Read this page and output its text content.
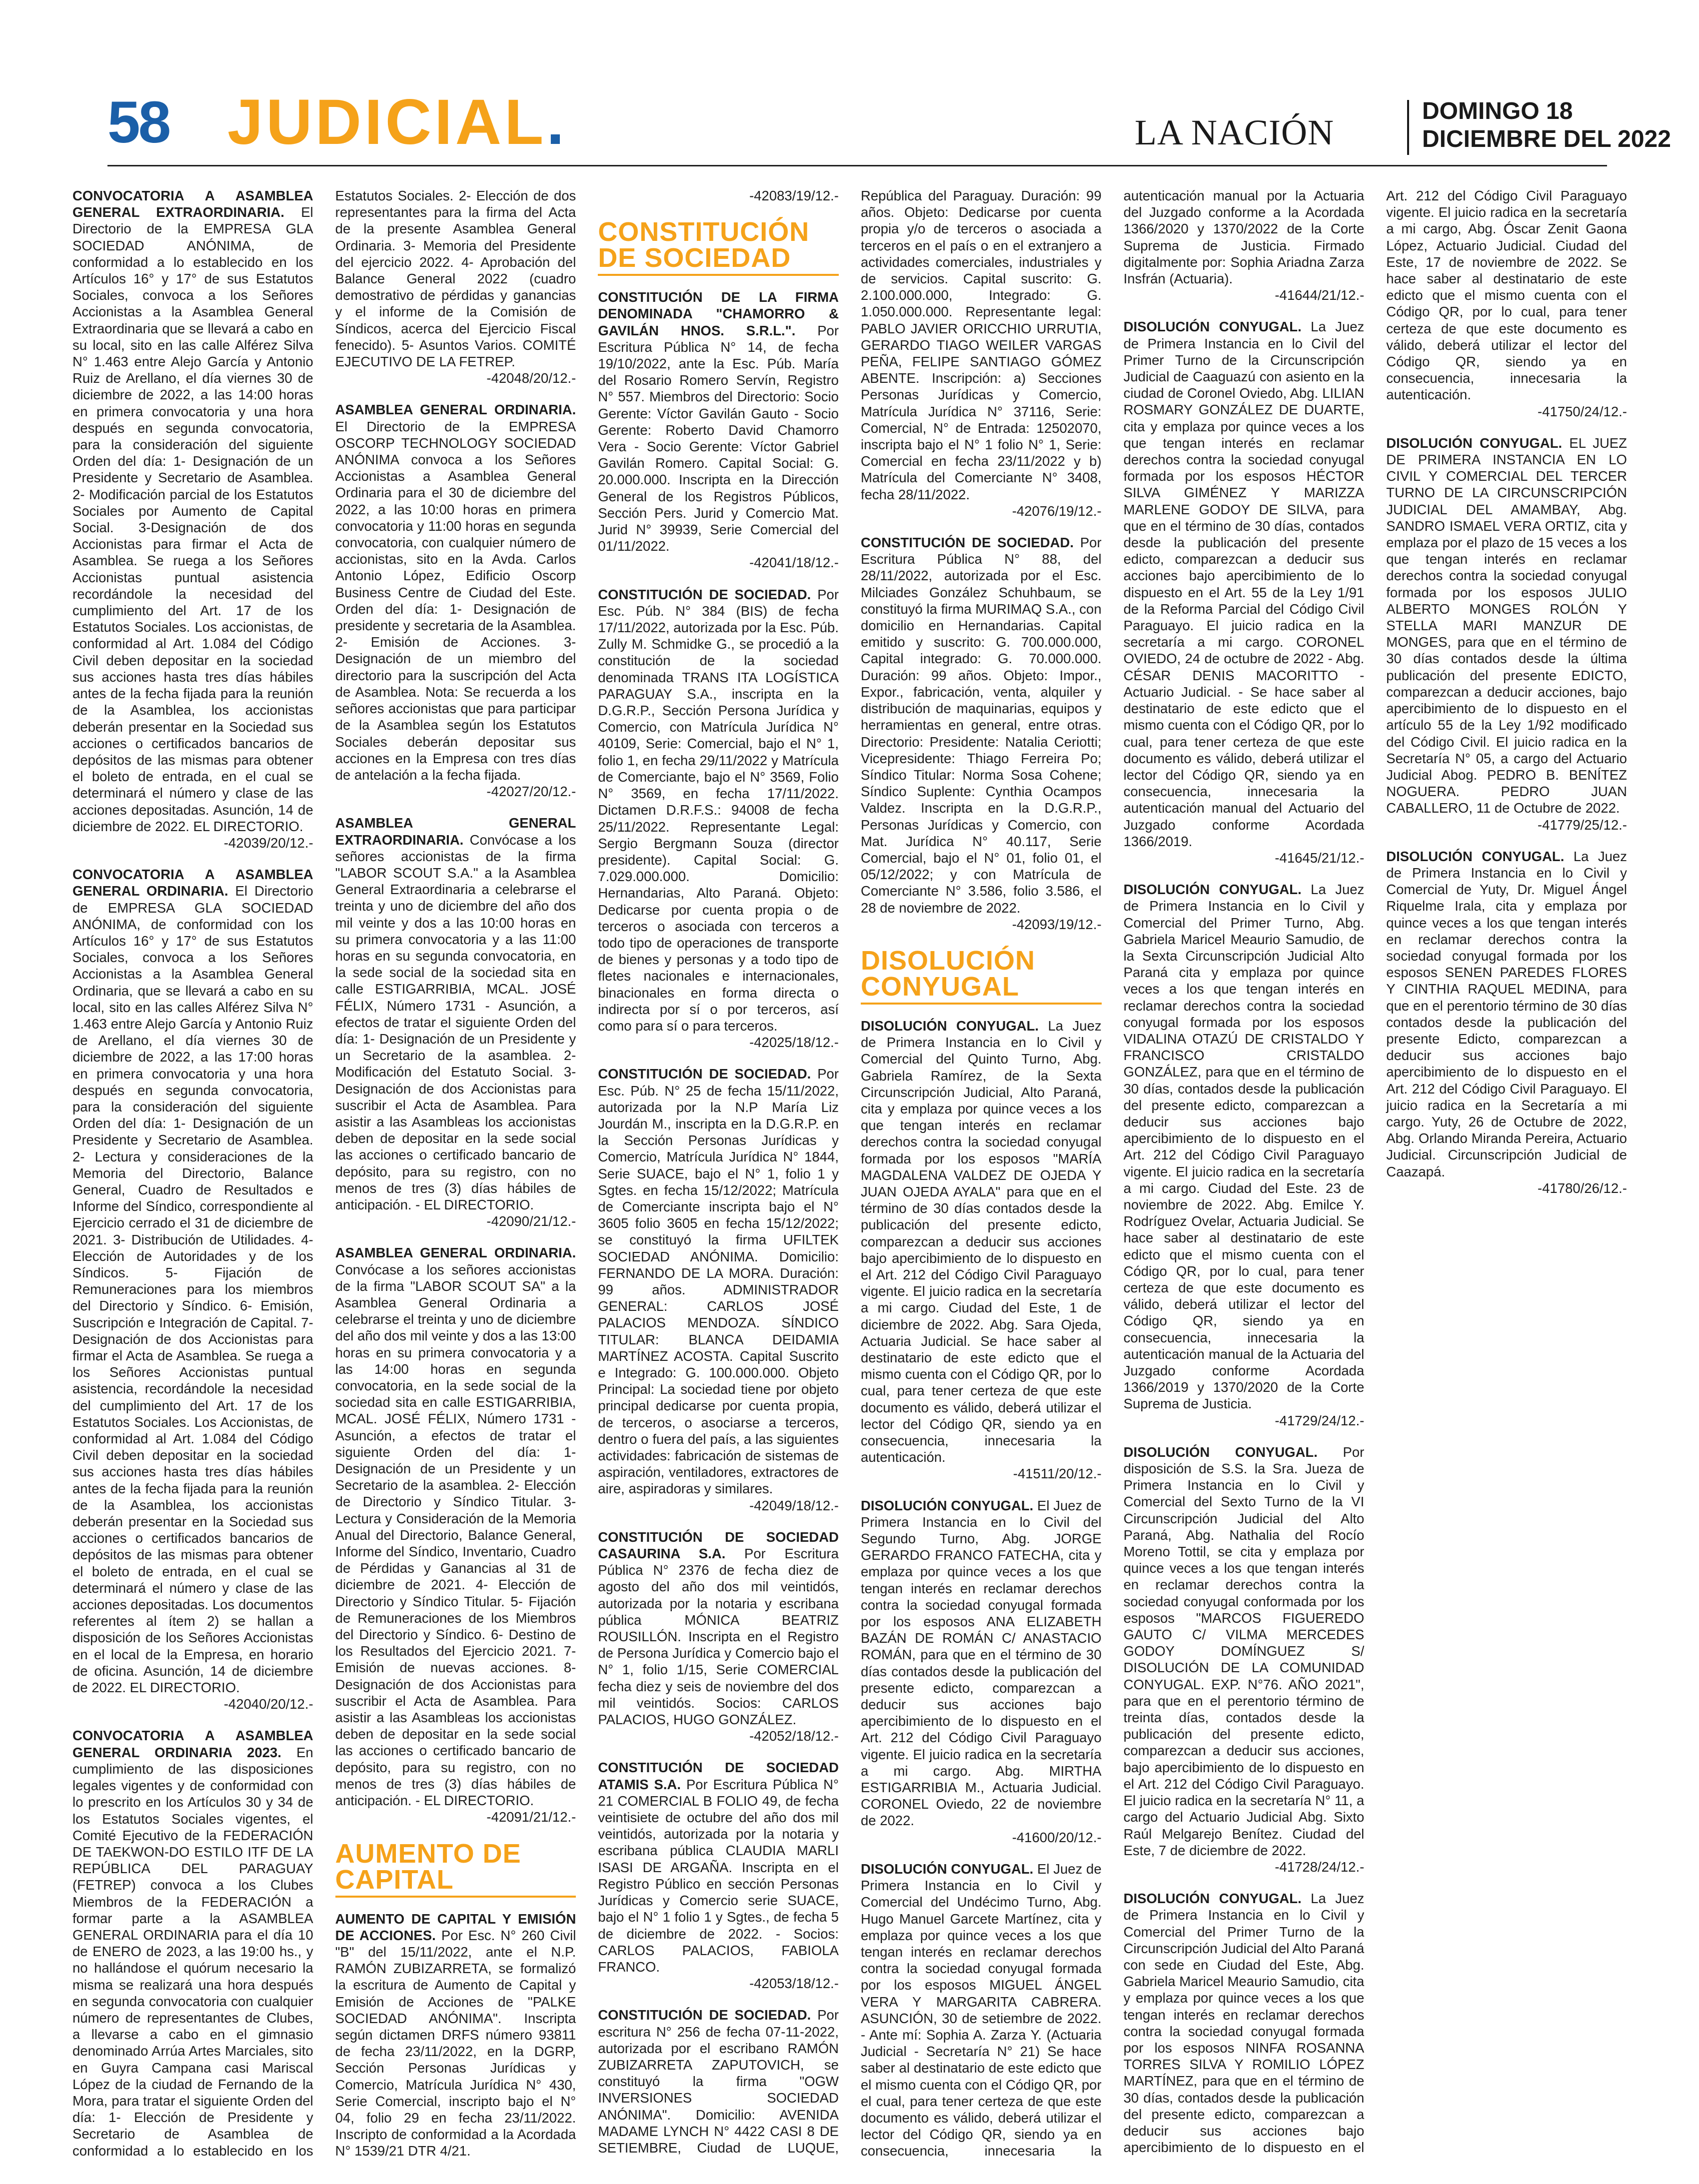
58 JUDICIAL.	LA NACIÓN
DOMINGO 18
DICIEMBRE DEL 2022
CONVOCATORIA A ASAMBLEA GENERAL EXTRAORDINARIA. El Directorio de la EMPRESA GLA SOCIEDAD ANÓNIMA, de conformidad a lo establecido en los Artículos 16° y 17° de sus Estatutos Sociales, convoca a los Señores Accionistas a la Asamblea General Extraordinaria que se llevará a cabo en su local, sito en las calle Alférez Silva N° 1.463 entre Alejo García y Antonio Ruiz de Arellano, el día viernes 30 de diciembre de 2022, a las 14:00 horas en primera convocatoria y una hora después en segunda convocatoria, para la consideración del siguiente Orden del día: 1- Designación de un Presidente y Secretario de Asamblea. 2- Modificación parcial de los Estatutos Sociales por Aumento de Capital Social. 3-Designación de dos Accionistas para firmar el Acta de Asamblea. Se ruega a los Señores Accionistas puntual asistencia recordándole la necesidad del cumplimiento del Art. 17 de los Estatutos Sociales. Los accionistas, de conformidad al Art. 1.084 del Código Civil deben depositar en la sociedad sus acciones hasta tres días hábiles antes de la fecha fijada para la reunión de la Asamblea, los accionistas deberán presentar en la Sociedad sus acciones o certificados bancarios de depósitos de las mismas para obtener el boleto de entrada, en el cual se determinará el número y clase de las acciones depositadas. Asunción, 14 de diciembre de 2022. EL DIRECTORIO.
-42039/20/12.-
CONVOCATORIA A ASAMBLEA GENERAL ORDINARIA. El Directorio de EMPRESA GLA SOCIEDAD ANÓNIMA, de conformidad con los Artículos 16° y 17° de sus Estatutos Sociales, convoca a los Señores Accionistas a la Asamblea General Ordinaria, que se llevará a cabo en su local, sito en las calles Alférez Silva N° 1.463 entre Alejo García y Antonio Ruiz de Arellano, el día viernes 30 de diciembre de 2022, a las 17:00 horas en primera convocatoria y una hora después en segunda convocatoria, para la consideración del siguiente Orden del día: 1- Designación de un Presidente y Secretario de Asamblea. 2- Lectura y consideraciones de la Memoria del Directorio, Balance General, Cuadro de Resultados e Informe del Síndico, correspondiente al Ejercicio cerrado el 31 de diciembre de 2021. 3- Distribución de Utilidades. 4- Elección de Autoridades y de los Síndicos. 5- Fijación de Remuneraciones para los miembros del Directorio y Síndico. 6- Emisión, Suscripción e Integración de Capital. 7- Designación de dos Accionistas para firmar el Acta de Asamblea. Se ruega a los Señores Accionistas puntual asistencia, recordándole la necesidad del cumplimiento del Art. 17 de los Estatutos Sociales. Los Accionistas, de conformidad al Art. 1.084 del Código Civil deben depositar en la sociedad sus acciones hasta tres días hábiles antes de la fecha fijada para la reunión de la Asamblea, los accionistas deberán presentar en la Sociedad sus acciones o certificados bancarios de depósitos de las mismas para obtener el boleto de entrada, en el cual se determinará el número y clase de las acciones depositadas. Los documentos referentes al ítem 2) se hallan a disposición de los Señores Accionistas en el local de la Empresa, en horario de oficina. Asunción, 14 de diciembre de 2022. EL DIRECTORIO.
-42040/20/12.-
CONVOCATORIA A ASAMBLEA GENERAL ORDINARIA 2023. En cumplimiento de las disposiciones legales vigentes y de conformidad con lo prescrito en los Artículos 30 y 34 de los Estatutos Sociales vigentes, el Comité Ejecutivo de la FEDERACIÓN DE TAEKWON-DO ESTILO ITF DE LA REPÚBLICA DEL PARAGUAY (FETREP) convoca a los Clubes Miembros de la FEDERACIÓN a formar parte a la ASAMBLEA GENERAL ORDINARIA para el día 10 de ENERO de 2023, a las 19:00 hs., y no hallándose el quórum necesario la misma se realizará una hora después en segunda convocatoria con cualquier número de representantes de Clubes, a llevarse a cabo en el gimnasio denominado Arrúa Artes Marciales, sito en Guyra Campana casi Mariscal López de la ciudad de Fernando de la Mora, para tratar el siguiente Orden del día: 1- Elección de Presidente y Secretario de Asamblea de conformidad a lo establecido en los Estatutos Sociales. 2- Elección de dos representantes para la firma del Acta de la presente Asamblea General Ordinaria. 3- Memoria del Presidente del ejercicio 2022. 4- Aprobación del Balance General 2022 (cuadro demostrativo de pérdidas y ganancias y el informe de la Comisión de Síndicos, acerca del Ejercicio Fiscal fenecido). 5- Asuntos Varios. COMITÉ EJECUTIVO DE LA FETREP.
-42048/20/12.-
ASAMBLEA GENERAL ORDINARIA. El Directorio de la EMPRESA OSCORP TECHNOLOGY SOCIEDAD ANÓNIMA convoca a los Señores Accionistas a Asamblea General Ordinaria para el 30 de diciembre del 2022, a las 10:00 horas en primera convocatoria y 11:00 horas en segunda convocatoria, con cualquier número de accionistas, sito en la Avda. Carlos Antonio López, Edificio Oscorp Business Centre de Ciudad del Este. Orden del día: 1- Designación de presidente y secretaria de la Asamblea. 2- Emisión de Acciones. 3- Designación de un miembro del directorio para la suscripción del Acta de Asamblea. Nota: Se recuerda a los señores accionistas que para participar de la Asamblea según los Estatutos Sociales deberán depositar sus acciones en la Empresa con tres días de antelación a la fecha fijada.
-42027/20/12.-
ASAMBLEA GENERAL EXTRAORDINARIA. Convócase a los señores accionistas de la firma "LABOR SCOUT S.A." a la Asamblea General Extraordinaria a celebrarse el treinta y uno de diciembre del año dos mil veinte y dos a las 10:00 horas en su primera convocatoria y a las 11:00 horas en su segunda convocatoria, en la sede social de la sociedad sita en calle ESTIGARRIBIA, MCAL. JOSÉ FÉLIX, Número 1731 - Asunción, a efectos de tratar el siguiente Orden del día: 1- Designación de un Presidente y un Secretario de la asamblea. 2- Modificación del Estatuto Social. 3- Designación de dos Accionistas para suscribir el Acta de Asamblea. Para asistir a las Asambleas los accionistas deben de depositar en la sede social las acciones o certificado bancario de depósito, para su registro, con no menos de tres (3) días hábiles de anticipación. - EL DIRECTORIO.
-42090/21/12.-
ASAMBLEA GENERAL ORDINARIA. Convócase a los señores accionistas de la firma "LABOR SCOUT SA" a la Asamblea General Ordinaria a celebrarse el treinta y uno de diciembre del año dos mil veinte y dos a las 13:00 horas en su primera convocatoria y a las 14:00 horas en segunda convocatoria, en la sede social de la sociedad sita en calle ESTIGARRIBIA, MCAL. JOSÉ FÉLIX, Número 1731 - Asunción, a efectos de tratar el siguiente Orden del día: 1- Designación de un Presidente y un Secretario de la asamblea. 2- Elección de Directorio y Síndico Titular. 3- Lectura y Consideración de la Memoria Anual del Directorio, Balance General, Informe del Síndico, Inventario, Cuadro de Pérdidas y Ganancias al 31 de diciembre de 2021. 4- Elección de Directorio y Síndico Titular. 5- Fijación de Remuneraciones de los Miembros del Directorio y Síndico. 6- Destino de los Resultados del Ejercicio 2021. 7- Emisión de nuevas acciones. 8- Designación de dos Accionistas para suscribir el Acta de Asamblea. Para asistir a las Asambleas los accionistas deben de depositar en la sede social las acciones o certificado bancario de depósito, para su registro, con no menos de tres (3) días hábiles de anticipación. - EL DIRECTORIO.
-42091/21/12.-
AUMENTO DE
CAPITAL
AUMENTO DE CAPITAL Y EMISIÓN DE ACCIONES. Por Esc. N° 260 Civil "B" del 15/11/2022, ante el N.P. RAMÓN ZUBIZARRETA, se formalizó la escritura de Aumento de Capital y Emisión de Acciones de "PALKE SOCIEDAD ANÓNIMA". Inscripta según dictamen DRFS número 93811 de fecha 23/11/2022, en la DGRP, Sección Personas Jurídicas y Comercio, Matrícula Jurídica N° 430, Serie Comercial, inscripto bajo el N° 04, folio 29 en fecha 23/11/2022. Inscripto de conformidad a la Acordada N° 1539/21 DTR 4/21.
-42083/19/12.-
CONSTITUCIÓN
DE SOCIEDAD
CONSTITUCIÓN DE LA FIRMA DENOMINADA "CHAMORRO & GAVILÁN HNOS. S.R.L.". Por Escritura Pública N° 14, de fecha 19/10/2022, ante la Esc. Púb. María del Rosario Romero Servín, Registro N° 557. Miembros del Directorio: Socio Gerente: Víctor Gavilán Gauto - Socio Gerente: Roberto David Chamorro Vera - Socio Gerente: Víctor Gabriel Gavilán Romero. Capital Social: G. 20.000.000. Inscripta en la Dirección General de los Registros Públicos, Sección Pers. Jurid y Comercio Mat. Jurid N° 39939, Serie Comercial del 01/11/2022.
-42041/18/12.-
CONSTITUCIÓN DE SOCIEDAD. Por Esc. Púb. N° 384 (BIS) de fecha 17/11/2022, autorizada por la Esc. Púb. Zully M. Schmidke G., se procedió a la constitución de la sociedad denominada TRANS ITA LOGÍSTICA PARAGUAY S.A., inscripta en la D.G.R.P., Sección Persona Jurídica y Comercio, con Matrícula Jurídica N° 40109, Serie: Comercial, bajo el N° 1, folio 1, en fecha 29/11/2022 y Matrícula de Comerciante, bajo el N° 3569, Folio N° 3569, en fecha 17/11/2022. Dictamen D.R.F.S.: 94008 de fecha 25/11/2022. Representante Legal: Sergio Bergmann Souza (director presidente). Capital Social: G. 7.029.000.000. Domicilio: Hernandarias, Alto Paraná. Objeto: Dedicarse por cuenta propia o de terceros o asociada con terceros a todo tipo de operaciones de transporte de bienes y personas y a todo tipo de fletes nacionales e internacionales, binacionales en forma directa o indirecta por sí o por terceros, así como para sí o para terceros.
-42025/18/12.-
CONSTITUCIÓN DE SOCIEDAD. Por Esc. Púb. N° 25 de fecha 15/11/2022, autorizada por la N.P María Liz Jourdán M., inscripta en la D.G.R.P. en la Sección Personas Jurídicas y Comercio, Matrícula Jurídica N° 1844, Serie SUACE, bajo el N° 1, folio 1 y Sgtes. en fecha 15/12/2022; Matrícula de Comerciante inscripta bajo el N° 3605 folio 3605 en fecha 15/12/2022; se constituyó la firma UFILTEK SOCIEDAD ANÓNIMA. Domicilio: FERNANDO DE LA MORA. Duración: 99 años. ADMINISTRADOR GENERAL: CARLOS JOSÉ PALACIOS MENDOZA. SÍNDICO TITULAR: BLANCA DEIDAMIA MARTÍNEZ ACOSTA. Capital Suscrito e Integrado: G. 100.000.000. Objeto Principal: La sociedad tiene por objeto principal dedicarse por cuenta propia, de terceros, o asociarse a terceros, dentro o fuera del país, a las siguientes actividades: fabricación de sistemas de aspiración, ventiladores, extractores de aire, aspiradoras y similares.
-42049/18/12.-
CONSTITUCIÓN DE SOCIEDAD CASAURINA S.A. Por Escritura Pública N° 2376 de fecha diez de agosto del año dos mil veintidós, autorizada por la notaria y escribana pública MÓNICA BEATRIZ ROUSILLÓN. Inscripta en el Registro de Persona Jurídica y Comercio bajo el N° 1, folio 1/15, Serie COMERCIAL fecha diez y seis de noviembre del dos mil veintidós. Socios: CARLOS PALACIOS, HUGO GONZÁLEZ.
-42052/18/12.-
CONSTITUCIÓN DE SOCIEDAD ATAMIS S.A. Por Escritura Pública N° 21 COMERCIAL B FOLIO 49, de fecha veintisiete de octubre del año dos mil veintidós, autorizada por la notaria y escribana pública CLAUDIA MARLI ISASI DE ARGAÑA. Inscripta en el Registro Público en sección Personas Jurídicas y Comercio serie SUACE, bajo el N° 1 folio 1 y Sgtes., de fecha 5 de diciembre de 2022. - Socios: CARLOS PALACIOS, FABIOLA FRANCO.
-42053/18/12.-
CONSTITUCIÓN DE SOCIEDAD. Por escritura N° 256 de fecha 07-11-2022, autorizada por el escribano RAMÓN ZUBIZARRETA ZAPUTOVICH, se constituyó la firma "OGW INVERSIONES SOCIEDAD ANÓNIMA". Domicilio: AVENIDA MADAME LYNCH N° 4422 CASI 8 DE SETIEMBRE, Ciudad de LUQUE, República del Paraguay. Duración: 99 años. Objeto: Dedicarse por cuenta propia y/o de terceros o asociada a terceros en el país o en el extranjero a actividades comerciales, industriales y de servicios. Capital suscrito: G. 2.100.000.000, Integrado: G. 1.050.000.000. Representante legal: PABLO JAVIER ORICCHIO URRUTIA, GERARDO TIAGO WEILER VARGAS PEÑA, FELIPE SANTIAGO GÓMEZ ABENTE. Inscripción: a) Secciones Personas Jurídicas y Comercio, Matrícula Jurídica N° 37116, Serie: Comercial, N° de Entrada: 12502070, inscripta bajo el N° 1 folio N° 1, Serie: Comercial en fecha 23/11/2022 y b) Matrícula del Comerciante N° 3408, fecha 28/11/2022.
-42076/19/12.-
CONSTITUCIÓN DE SOCIEDAD. Por Escritura Pública N° 88, del 28/11/2022, autorizada por el Esc. Milciades González Schuhbaum, se constituyó la firma MURIMAQ S.A., con domicilio en Hernandarias. Capital emitido y suscrito: G. 700.000.000, Capital integrado: G. 70.000.000. Duración: 99 años. Objeto: Impor., Expor., fabricación, venta, alquiler y distribución de maquinarias, equipos y herramientas en general, entre otras. Directorio: Presidente: Natalia Ceriotti; Vicepresidente: Thiago Ferreira Po; Síndico Titular: Norma Sosa Cohene; Síndico Suplente: Cynthia Ocampos Valdez. Inscripta en la D.G.R.P., Personas Jurídicas y Comercio, con Mat. Jurídica N° 40.117, Serie Comercial, bajo el N° 01, folio 01, el 05/12/2022; y con Matrícula de Comerciante N° 3.586, folio 3.586, el 28 de noviembre de 2022.
-42093/19/12.-
DISOLUCIÓN
CONYUGAL
DISOLUCIÓN CONYUGAL. La Juez de Primera Instancia en lo Civil y Comercial del Quinto Turno, Abg. Gabriela Ramírez, de la Sexta Circunscripción Judicial, Alto Paraná, cita y emplaza por quince veces a los que tengan interés en reclamar derechos contra la sociedad conyugal formada por los esposos "MARÍA MAGDALENA VALDEZ DE OJEDA Y JUAN OJEDA AYALA" para que en el término de 30 días contados desde la publicación del presente edicto, comparezcan a deducir sus acciones bajo apercibimiento de lo dispuesto en el Art. 212 del Código Civil Paraguayo vigente. El juicio radica en la secretaría a mi cargo. Ciudad del Este, 1 de diciembre de 2022. Abg. Sara Ojeda, Actuaria Judicial. Se hace saber al destinatario de este edicto que el mismo cuenta con el Código QR, por lo cual, para tener certeza de que este documento es válido, deberá utilizar el lector del Código QR, siendo ya en consecuencia, innecesaria la autenticación.
-41511/20/12.-
DISOLUCIÓN CONYUGAL. El Juez de Primera Instancia en lo Civil del Segundo Turno, Abg. JORGE GERARDO FRANCO FATECHA, cita y emplaza por quince veces a los que tengan interés en reclamar derechos contra la sociedad conyugal formada por los esposos ANA ELIZABETH BAZÁN DE ROMÁN C/ ANASTACIO ROMÁN, para que en el término de 30 días contados desde la publicación del presente edicto, comparezcan a deducir sus acciones bajo apercibimiento de lo dispuesto en el Art. 212 del Código Civil Paraguayo vigente. El juicio radica en la secretaría a mi cargo. Abg. MIRTHA ESTIGARRIBIA M., Actuaria Judicial. CORONEL Oviedo, 22 de noviembre de 2022.
-41600/20/12.-
DISOLUCIÓN CONYUGAL. El Juez de Primera Instancia en lo Civil y Comercial del Undécimo Turno, Abg. Hugo Manuel Garcete Martínez, cita y emplaza por quince veces a los que tengan interés en reclamar derechos contra la sociedad conyugal formada por los esposos MIGUEL ÁNGEL VERA Y MARGARITA CABRERA. ASUNCIÓN, 30 de setiembre de 2022. - Ante mí: Sophia A. Zarza Y. (Actuaria Judicial - Secretaría N° 21) Se hace saber al destinatario de este edicto que el mismo cuenta con el Código QR, por el cual, para tener certeza de que este documento es válido, deberá utilizar el lector del Código QR, siendo ya en consecuencia, innecesaria la autenticación manual por la Actuaria del Juzgado conforme a la Acordada 1366/2020 y 1370/2022 de la Corte Suprema de Justicia. Firmado digitalmente por: Sophia Ariadna Zarza Insfrán (Actuaria).
-41644/21/12.-
DISOLUCIÓN CONYUGAL. La Juez de Primera Instancia en lo Civil del Primer Turno de la Circunscripción Judicial de Caaguazú con asiento en la ciudad de Coronel Oviedo, Abg. LILIAN ROSMARY GONZÁLEZ DE DUARTE, cita y emplaza por quince veces a los que tengan interés en reclamar derechos contra la sociedad conyugal formada por los esposos HÉCTOR SILVA GIMÉNEZ Y MARIZZA MARLENE GODOY DE SILVA, para que en el término de 30 días, contados desde la publicación del presente edicto, comparezcan a deducir sus acciones bajo apercibimiento de lo dispuesto en el Art. 55 de la Ley 1/91 de la Reforma Parcial del Código Civil Paraguayo. El juicio radica en la secretaría a mi cargo. CORONEL OVIEDO, 24 de octubre de 2022 - Abg. CÉSAR DENIS MACORITTO - Actuario Judicial. - Se hace saber al destinatario de este edicto que el mismo cuenta con el Código QR, por lo cual, para tener certeza de que este documento es válido, deberá utilizar el lector del Código QR, siendo ya en consecuencia, innecesaria la autenticación manual del Actuario del Juzgado conforme Acordada 1366/2019.
-41645/21/12.-
DISOLUCIÓN CONYUGAL. La Juez de Primera Instancia en lo Civil y Comercial del Primer Turno, Abg. Gabriela Maricel Meaurio Samudio, de la Sexta Circunscripción Judicial Alto Paraná cita y emplaza por quince veces a los que tengan interés en reclamar derechos contra la sociedad conyugal formada por los esposos VIDALINA OTAZÚ DE CRISTALDO Y FRANCISCO CRISTALDO GONZÁLEZ, para que en el término de 30 días, contados desde la publicación del presente edicto, comparezcan a deducir sus acciones bajo apercibimiento de lo dispuesto en el Art. 212 del Código Civil Paraguayo vigente. El juicio radica en la secretaría a mi cargo. Ciudad del Este. 23 de noviembre de 2022. Abg. Emilce Y. Rodríguez Ovelar, Actuaria Judicial. Se hace saber al destinatario de este edicto que el mismo cuenta con el Código QR, por lo cual, para tener certeza de que este documento es válido, deberá utilizar el lector del Código QR, siendo ya en consecuencia, innecesaria la autenticación manual de la Actuaria del Juzgado conforme Acordada 1366/2019 y 1370/2020 de la Corte Suprema de Justicia.
-41729/24/12.-
DISOLUCIÓN CONYUGAL. Por disposición de S.S. la Sra. Jueza de Primera Instancia en lo Civil y Comercial del Sexto Turno de la VI Circunscripción Judicial del Alto Paraná, Abg. Nathalia del Rocío Moreno Tottil, se cita y emplaza por quince veces a los que tengan interés en reclamar derechos contra la sociedad conyugal conformada por los esposos "MARCOS FIGUEREDO GAUTO C/ VILMA MERCEDES GODOY DOMÍNGUEZ S/ DISOLUCIÓN DE LA COMUNIDAD CONYUGAL. EXP. N°76. AÑO 2021", para que en el perentorio término de treinta días, contados desde la publicación del presente edicto, comparezcan a deducir sus acciones, bajo apercibimiento de lo dispuesto en el Art. 212 del Código Civil Paraguayo. El juicio radica en la secretaría N° 11, a cargo del Actuario Judicial Abg. Sixto Raúl Melgarejo Benítez. Ciudad del Este, 7 de diciembre de 2022.
-41728/24/12.-
DISOLUCIÓN CONYUGAL. La Juez de Primera Instancia en lo Civil y Comercial del Primer Turno de la Circunscripción Judicial del Alto Paraná con sede en Ciudad del Este, Abg. Gabriela Maricel Meaurio Samudio, cita y emplaza por quince veces a los que tengan interés en reclamar derechos contra la sociedad conyugal formada por los esposos NINFA ROSANNA TORRES SILVA Y ROMILIO LÓPEZ MARTÍNEZ, para que en el término de 30 días, contados desde la publicación del presente edicto, comparezcan a deducir sus acciones bajo apercibimiento de lo dispuesto en el Art. 212 del Código Civil Paraguayo vigente. El juicio radica en la secretaría a mi cargo, Abg. Óscar Zenit Gaona López, Actuario Judicial. Ciudad del Este, 17 de noviembre de 2022. Se hace saber al destinatario de este edicto que el mismo cuenta con el Código QR, por lo cual, para tener certeza de que este documento es válido, deberá utilizar el lector del Código QR, siendo ya en consecuencia, innecesaria la autenticación.
-41750/24/12.-
DISOLUCIÓN CONYUGAL. EL JUEZ DE PRIMERA INSTANCIA EN LO CIVIL Y COMERCIAL DEL TERCER TURNO DE LA CIRCUNSCRIPCIÓN JUDICIAL DEL AMAMBAY, Abg. SANDRO ISMAEL VERA ORTIZ, cita y emplaza por el plazo de 15 veces a los que tengan interés en reclamar derechos contra la sociedad conyugal formada por los esposos JULIO ALBERTO MONGES ROLÓN Y STELLA MARI MANZUR DE MONGES, para que en el término de 30 días contados desde la última publicación del presente EDICTO, comparezcan a deducir acciones, bajo apercibimiento de lo dispuesto en el artículo 55 de la Ley 1/92 modificado del Código Civil. El juicio radica en la Secretaría N° 05, a cargo del Actuario Judicial Abog. PEDRO B. BENÍTEZ NOGUERA. PEDRO JUAN CABALLERO, 11 de Octubre de 2022.
-41779/25/12.-
DISOLUCIÓN CONYUGAL. La Juez de Primera Instancia en lo Civil y Comercial de Yuty, Dr. Miguel Ángel Riquelme Irala, cita y emplaza por quince veces a los que tengan interés en reclamar derechos contra la sociedad conyugal formada por los esposos SENEN PAREDES FLORES Y CINTHIA RAQUEL MEDINA, para que en el perentorio término de 30 días contados desde la publicación del presente Edicto, comparezcan a deducir sus acciones bajo apercibimiento de lo dispuesto en el Art. 212 del Código Civil Paraguayo. El juicio radica en la Secretaría a mi cargo. Yuty, 26 de Octubre de 2022, Abg. Orlando Miranda Pereira, Actuario Judicial. Circunscripción Judicial de Caazapá.
-41780/26/12.-
